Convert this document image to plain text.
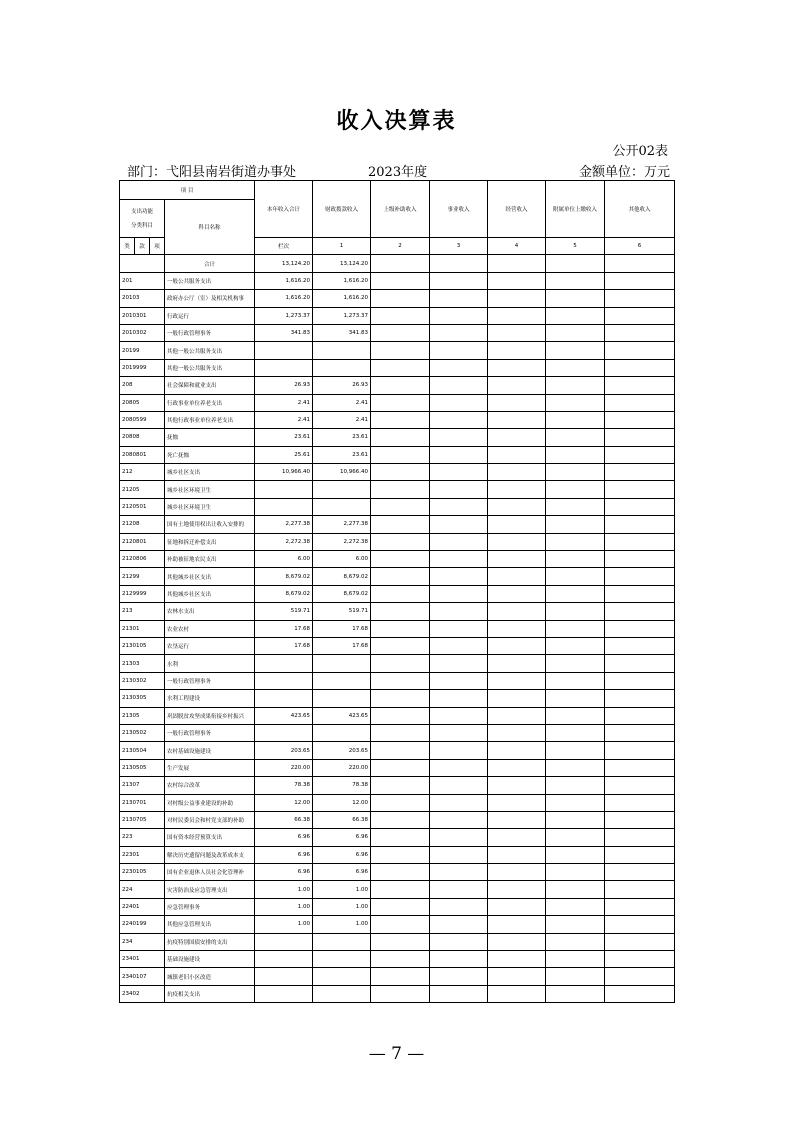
收入决算表
公开02表
部门：弋阳县南岩街道办事处	2023年度	金额单位：万元
项 目				本年收入合计	财政拨款收入	上级补助收入	事业收入	经营收入	附属单位上缴收入	其他收入	

支出功能
分类科目			科目名称								
类	款	项									
				栏次	1	2	3	4	5	6	
			合计	13,124.20	13,124.20						
201			一般公共服务支出	1,616.20	1,616.20						
20103			政府办公厅（室）及相关机构事	1,616.20	1,616.20						
2010301			行政运行	1,273.37	1,273.37						
2010302			一般行政管理事务	341.83	341.83						
20199			其他一般公共服务支出								
2019999			其他一般公共服务支出								
208			社会保障和就业支出	26.93	26.93						
20805			行政事业单位养老支出	2.41	2.41						
2080599			其他行政事业单位养老支出	2.41	2.41						
20808			抚恤	23.61	23.61						
2080801			死亡抚恤	25.61	23.61						
212			城乡社区支出	10,966.40	10,966.40						
21205			城乡社区环境卫生								
2120501			城乡社区环境卫生								
21208			国有土地使用权出让收入安排的	2,277.38	2,277.38						
2120801			征地和拆迁补偿支出	2,272.38	2,272.38						
2120806			补助被征地农民支出	6.00	6.00						
21299			其他城乡社区支出	8,679.02	8,679.02						
2129999			其他城乡社区支出	8,679.02	8,679.02						
213			农林水支出	519.71	519.71						
21301			农业农村	17.68	17.68						
2130105			农垦运行	17.68	17.68						
21303			水利								
2130302			一般行政管理事务								
2130305			水利工程建设								
21305			巩固脱贫攻坚成果衔接乡村振兴	423.65	423.65						
2130502			一般行政管理事务								
2130504			农村基础设施建设	203.65	203.65						
2130505			生产发展	220.00	220.00						
21307			农村综合改革	78.38	78.38						
2130701			对村级公益事业建设的补助	12.00	12.00						
2130705			对村民委员会和村党支部的补助	66.38	66.38						
223			国有资本经营预算支出	6.96	6.96						
22301			解决历史遗留问题及改革成本支	6.96	6.96						
2230105			国有企业退休人员社会化管理补	6.96	6.96						
224			灾害防治及应急管理支出	1.00	1.00						
22401			应急管理事务	1.00	1.00						
2240199			其他应急管理支出	1.00	1.00						
234			抗疫特别国债安排的支出								
23401			基础设施建设								
2340107			城镇老旧小区改造								
23402			抗疫相关支出								
— 7 —
